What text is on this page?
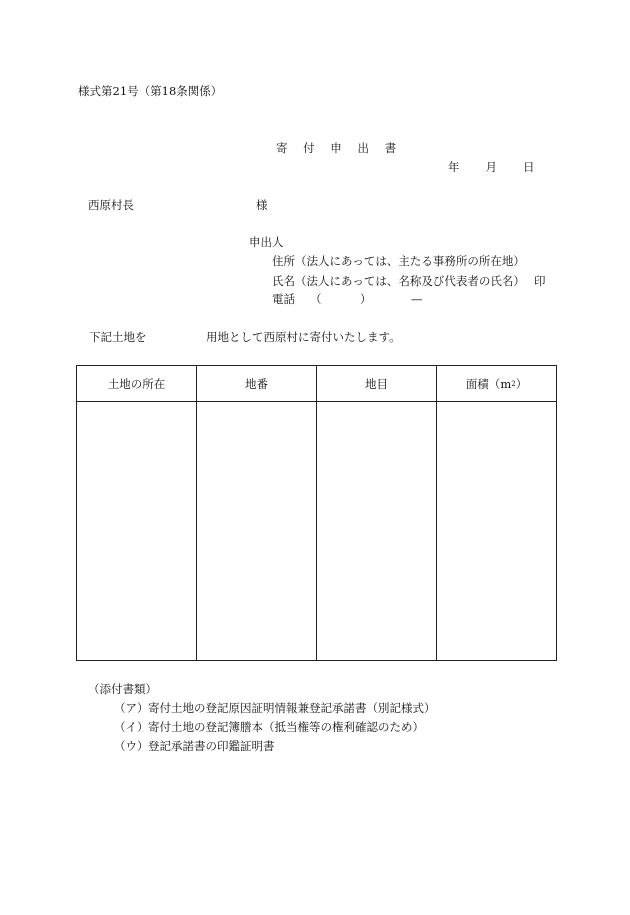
様式第21号（第18条関係）
寄 付 申 出 書
年 月 日
西原村長	様
申出人
住所（法人にあっては、主たる事務所の所在地）
氏名（法人にあっては、名称及び代表者の氏名） 印
電話 （	）	—
下記土地を	用地として西原村に寄付いたします。
土地の所在	地番	地目	面積（ m 2 ）
（添付書類）
（ア） 寄付土地の登記原因証明情報兼登記承諾書（別記様式）
（イ） 寄付土地の登記簿謄本（抵当権等の権利確認のため）
（ウ） 登記承諾書の印鑑証明書
